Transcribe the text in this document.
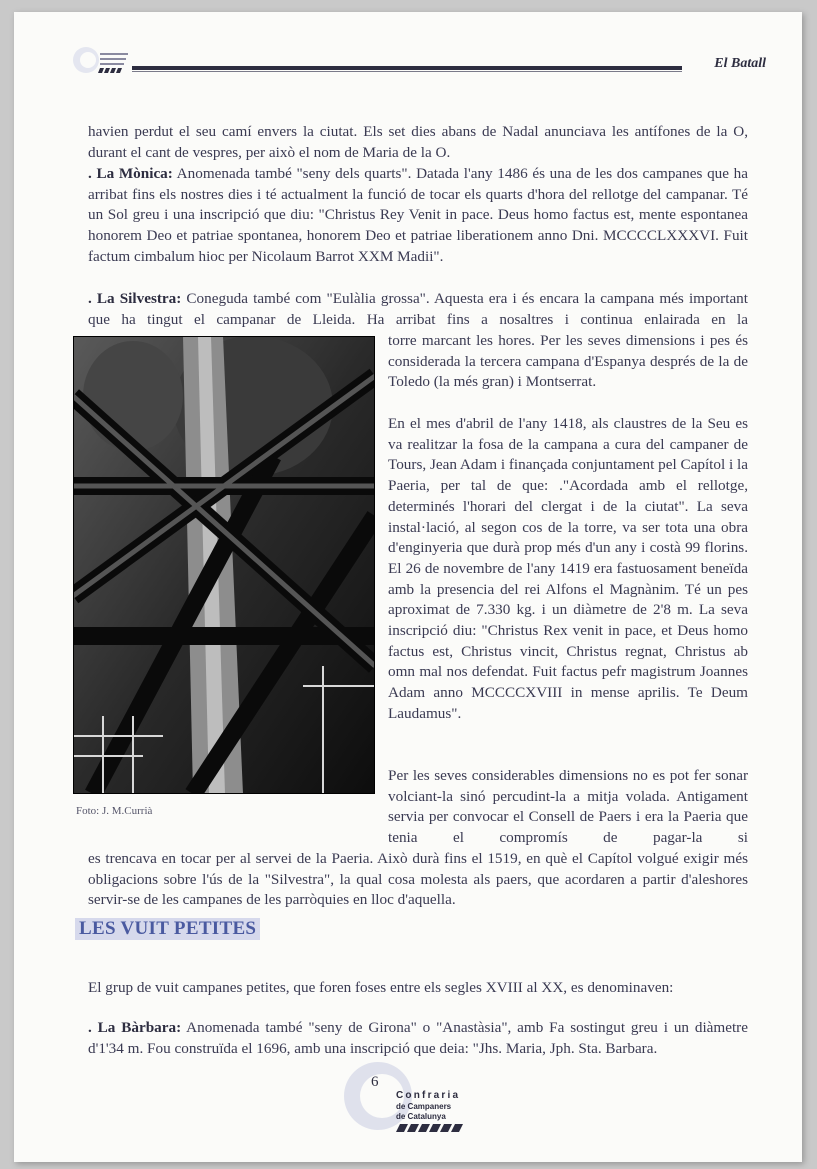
El Batall

havien perdut el seu camí envers la ciutat. Els set dies abans de Nadal anunciava les antífones de la O, durant el cant de vespres, per això el nom de Maria de la O.

. La Mònica: Anomenada també "seny dels quarts". Datada l'any 1486 és una de les dos campanes que ha arribat fins els nostres dies i té actualment la funció de tocar els quarts d'hora del rellotge del campanar. Té un Sol greu i una inscripció que diu: "Christus Rey Venit in pace. Deus homo factus est, mente espontanea honorem Deo et patriae spontanea, honorem Deo et patriae liberationem anno Dni. MCCCCLXXXVI. Fuit factum cimbalum hioc per Nicolaum Barrot XXM Madii".

. La Silvestra: Coneguda també com "Eulàlia grossa". Aquesta era i és encara la campana més important que ha tingut el campanar de Lleida. Ha arribat fins a nosaltres i continua enlairada en la

torre marcant les hores. Per les seves dimensions i pes és considerada la tercera campana d'Espanya després de la de Toledo (la més gran) i Montserrat.

En el mes d'abril de l'any 1418, als claustres de la Seu es va realitzar la fosa de la campana a cura del campaner de Tours, Jean Adam i finançada conjuntament pel Capítol i la Paeria, per tal de que: ."Acordada amb el rellotge, determinés l'horari del clergat i de la ciutat". La seva instal·lació, al segon cos de la torre, va ser tota una obra d'enginyeria que durà prop més d'un any i costà 99 florins. El 26 de novembre de l'any 1419 era fastuosament beneïda amb la presencia del rei Alfons el Magnànim. Té un pes aproximat de 7.330 kg. i un diàmetre de 2'8 m. La seva inscripció diu: "Christus Rex venit in pace, et Deus homo factus est, Christus vincit, Christus regnat, Christus ab omn mal nos defendat. Fuit factus pefr magistrum Joannes Adam anno MCCCCXVIII in mense aprilis. Te Deum Laudamus".

Per les seves considerables dimensions no es pot fer sonar volciant-la sinó percudint-la a mitja volada. Antigament servia per convocar el Consell de Paers i era la Paeria que tenia el compromís de pagar-la si

Foto: J. M.Currià

es trencava en tocar per al servei de la Paeria. Això durà fins el 1519, en què el Capítol volgué exigir més obligacions sobre l'ús de la "Silvestra", la qual cosa molesta als paers, que acordaren a partir d'aleshores servir-se de les campanes de les parròquies en lloc d'aquella.

LES VUIT PETITES

El grup de vuit campanes petites, que foren foses entre els segles XVIII al XX, es denominaven:

. La Bàrbara: Anomenada també "seny de Girona" o "Anastàsia", amb Fa sostingut greu i un diàmetre d'1'34 m. Fou construïda el 1696, amb una inscripció que deia: "Jhs. Maria, Jph. Sta. Barbara.

6
Confraria
de Campaners
de Catalunya
